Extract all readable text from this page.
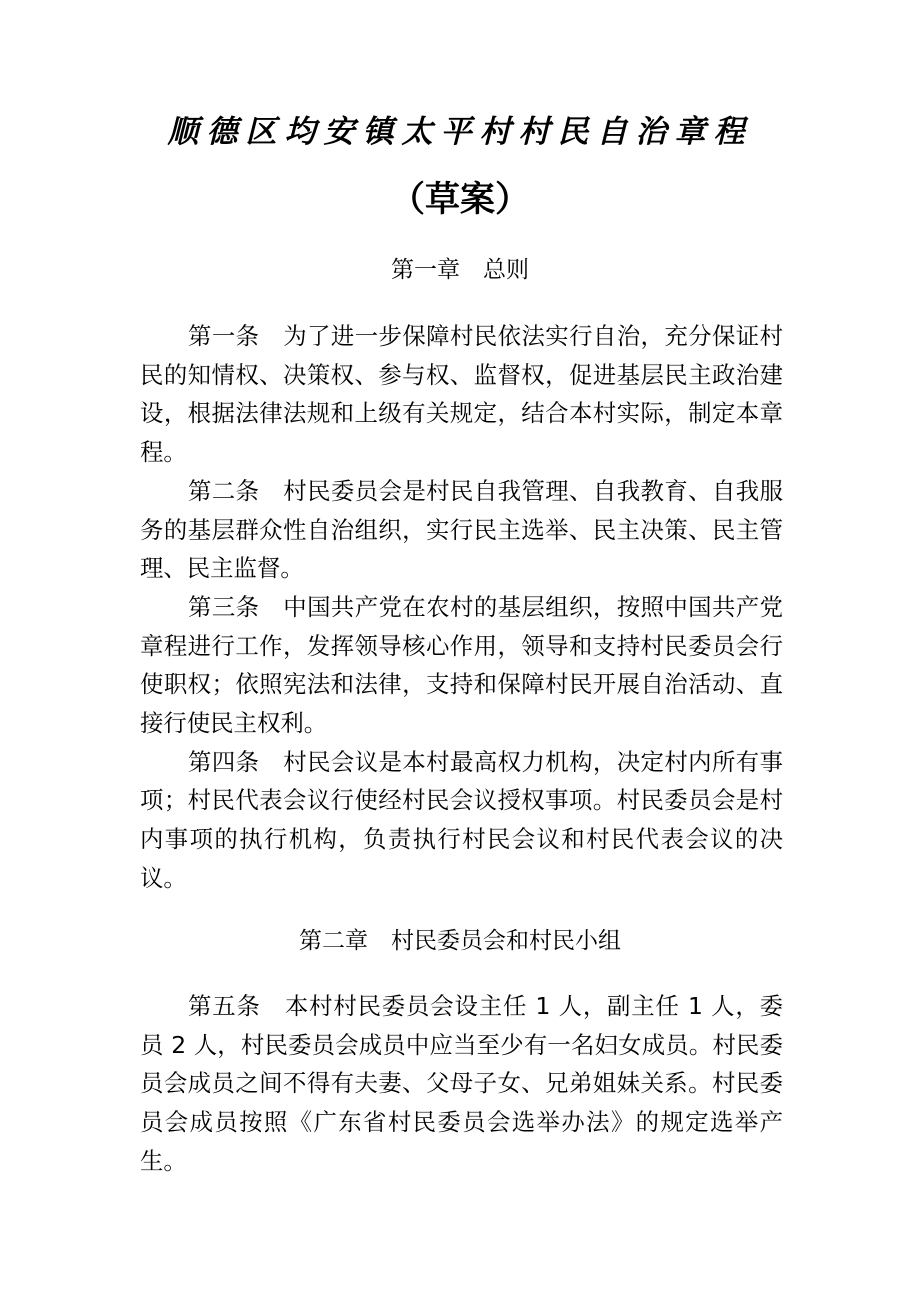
顺德区均安镇太平村村民自治章程
（草案）
第一章　总则

第一条　为了进一步保障村民依法实行自治，充分保证村民的知情权、决策权、参与权、监督权，促进基层民主政治建设，根据法律法规和上级有关规定，结合本村实际，制定本章程。

第二条　村民委员会是村民自我管理、自我教育、自我服务的基层群众性自治组织，实行民主选举、民主决策、民主管理、民主监督。

第三条　中国共产党在农村的基层组织，按照中国共产党章程进行工作，发挥领导核心作用，领导和支持村民委员会行使职权；依照宪法和法律，支持和保障村民开展自治活动、直接行使民主权利。

第四条　村民会议是本村最高权力机构，决定村内所有事项；村民代表会议行使经村民会议授权事项。村民委员会是村内事项的执行机构，负责执行村民会议和村民代表会议的决议。

第二章　村民委员会和村民小组

第五条　本村村民委员会设主任 1 人，副主任 1 人，委员 2 人，村民委员会成员中应当至少有一名妇女成员。村民委员会成员之间不得有夫妻、父母子女、兄弟姐妹关系。村民委员会成员按照《广东省村民委员会选举办法》的规定选举产生。
